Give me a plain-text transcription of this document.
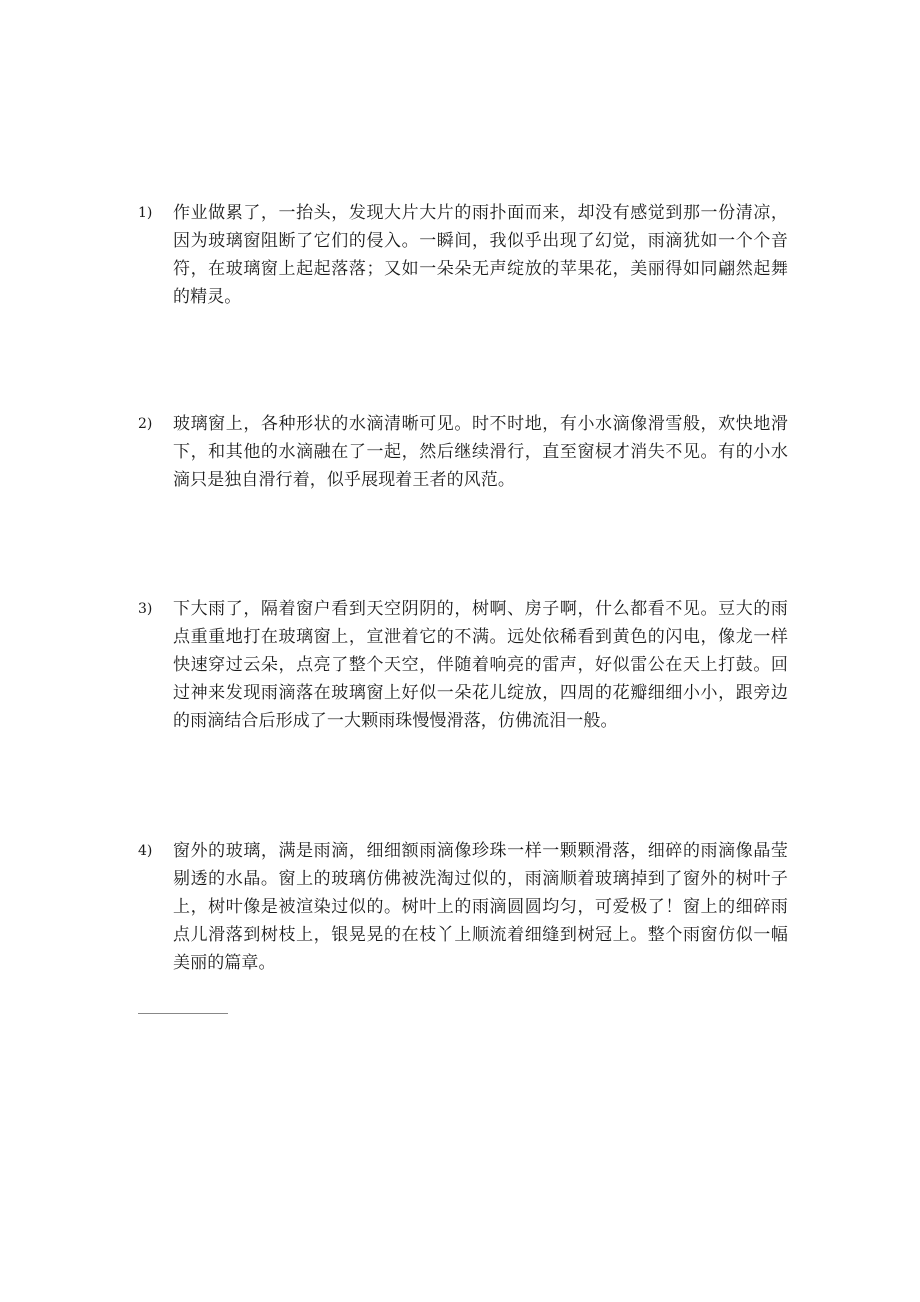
1)	作业做累了，一抬头，发现大片大片的雨扑面而来，却没有感觉到那一份清凉，因为玻璃窗阻断了它们的侵入。一瞬间，我似乎出现了幻觉，雨滴犹如一个个音符，在玻璃窗上起起落落；又如一朵朵无声绽放的苹果花，美丽得如同翩然起舞的精灵。
2)	玻璃窗上，各种形状的水滴清晰可见。时不时地，有小水滴像滑雪般，欢快地滑下，和其他的水滴融在了一起，然后继续滑行，直至窗棂才消失不见。有的小水滴只是独自滑行着，似乎展现着王者的风范。
3)	下大雨了，隔着窗户看到天空阴阴的，树啊、房子啊，什么都看不见。豆大的雨点重重地打在玻璃窗上，宣泄着它的不满。远处依稀看到黄色的闪电，像龙一样快速穿过云朵，点亮了整个天空，伴随着响亮的雷声，好似雷公在天上打鼓。回过神来发现雨滴落在玻璃窗上好似一朵花儿绽放，四周的花瓣细细小小，跟旁边的雨滴结合后形成了一大颗雨珠慢慢滑落，仿佛流泪一般。
4)	窗外的玻璃，满是雨滴，细细额雨滴像珍珠一样一颗颗滑落，细碎的雨滴像晶莹剔透的水晶。窗上的玻璃仿佛被洗淘过似的，雨滴顺着玻璃掉到了窗外的树叶子上，树叶像是被渲染过似的。树叶上的雨滴圆圆均匀，可爱极了！窗上的细碎雨点儿滑落到树枝上，银晃晃的在枝丫上顺流着细缝到树冠上。整个雨窗仿似一幅美丽的篇章。
